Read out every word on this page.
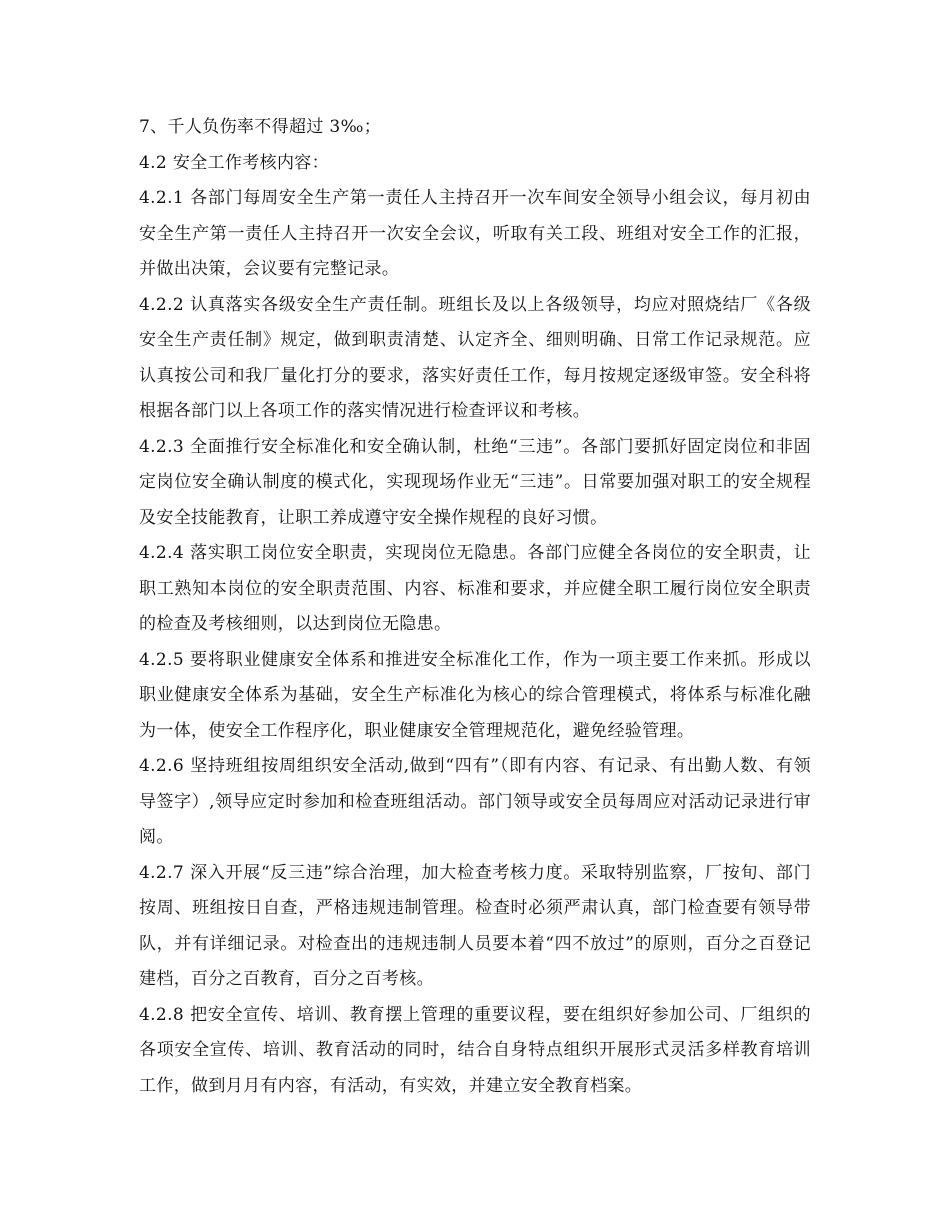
7、千人负伤率不得超过 3‰；

4.2 安全工作考核内容：

4.2.1 各部门每周安全生产第一责任人主持召开一次车间安全领导小组会议，每月初由安全生产第一责任人主持召开一次安全会议，听取有关工段、班组对安全工作的汇报，并做出决策，会议要有完整记录。

4.2.2 认真落实各级安全生产责任制。班组长及以上各级领导，均应对照烧结厂《各级安全生产责任制》规定，做到职责清楚、认定齐全、细则明确、日常工作记录规范。应认真按公司和我厂量化打分的要求，落实好责任工作，每月按规定逐级审签。安全科将根据各部门以上各项工作的落实情况进行检查评议和考核。

4.2.3 全面推行安全标准化和安全确认制，杜绝“三违”。各部门要抓好固定岗位和非固定岗位安全确认制度的模式化，实现现场作业无“三违”。日常要加强对职工的安全规程及安全技能教育，让职工养成遵守安全操作规程的良好习惯。

4.2.4 落实职工岗位安全职责，实现岗位无隐患。各部门应健全各岗位的安全职责，让职工熟知本岗位的安全职责范围、内容、标准和要求，并应健全职工履行岗位安全职责的检查及考核细则，以达到岗位无隐患。

4.2.5 要将职业健康安全体系和推进安全标准化工作，作为一项主要工作来抓。形成以职业健康安全体系为基础，安全生产标准化为核心的综合管理模式，将体系与标准化融为一体，使安全工作程序化，职业健康安全管理规范化，避免经验管理。

4.2.6 坚持班组按周组织安全活动,做到“四有”（即有内容、有记录、有出勤人数、有领导签字）,领导应定时参加和检查班组活动。部门领导或安全员每周应对活动记录进行审阅。

4.2.7 深入开展“反三违”综合治理，加大检查考核力度。采取特别监察，厂按旬、部门按周、班组按日自查，严格违规违制管理。检查时必须严肃认真，部门检查要有领导带队，并有详细记录。对检查出的违规违制人员要本着“四不放过”的原则，百分之百登记建档，百分之百教育，百分之百考核。

4.2.8 把安全宣传、培训、教育摆上管理的重要议程，要在组织好参加公司、厂组织的各项安全宣传、培训、教育活动的同时，结合自身特点组织开展形式灵活多样教育培训工作，做到月月有内容，有活动，有实效，并建立安全教育档案。
